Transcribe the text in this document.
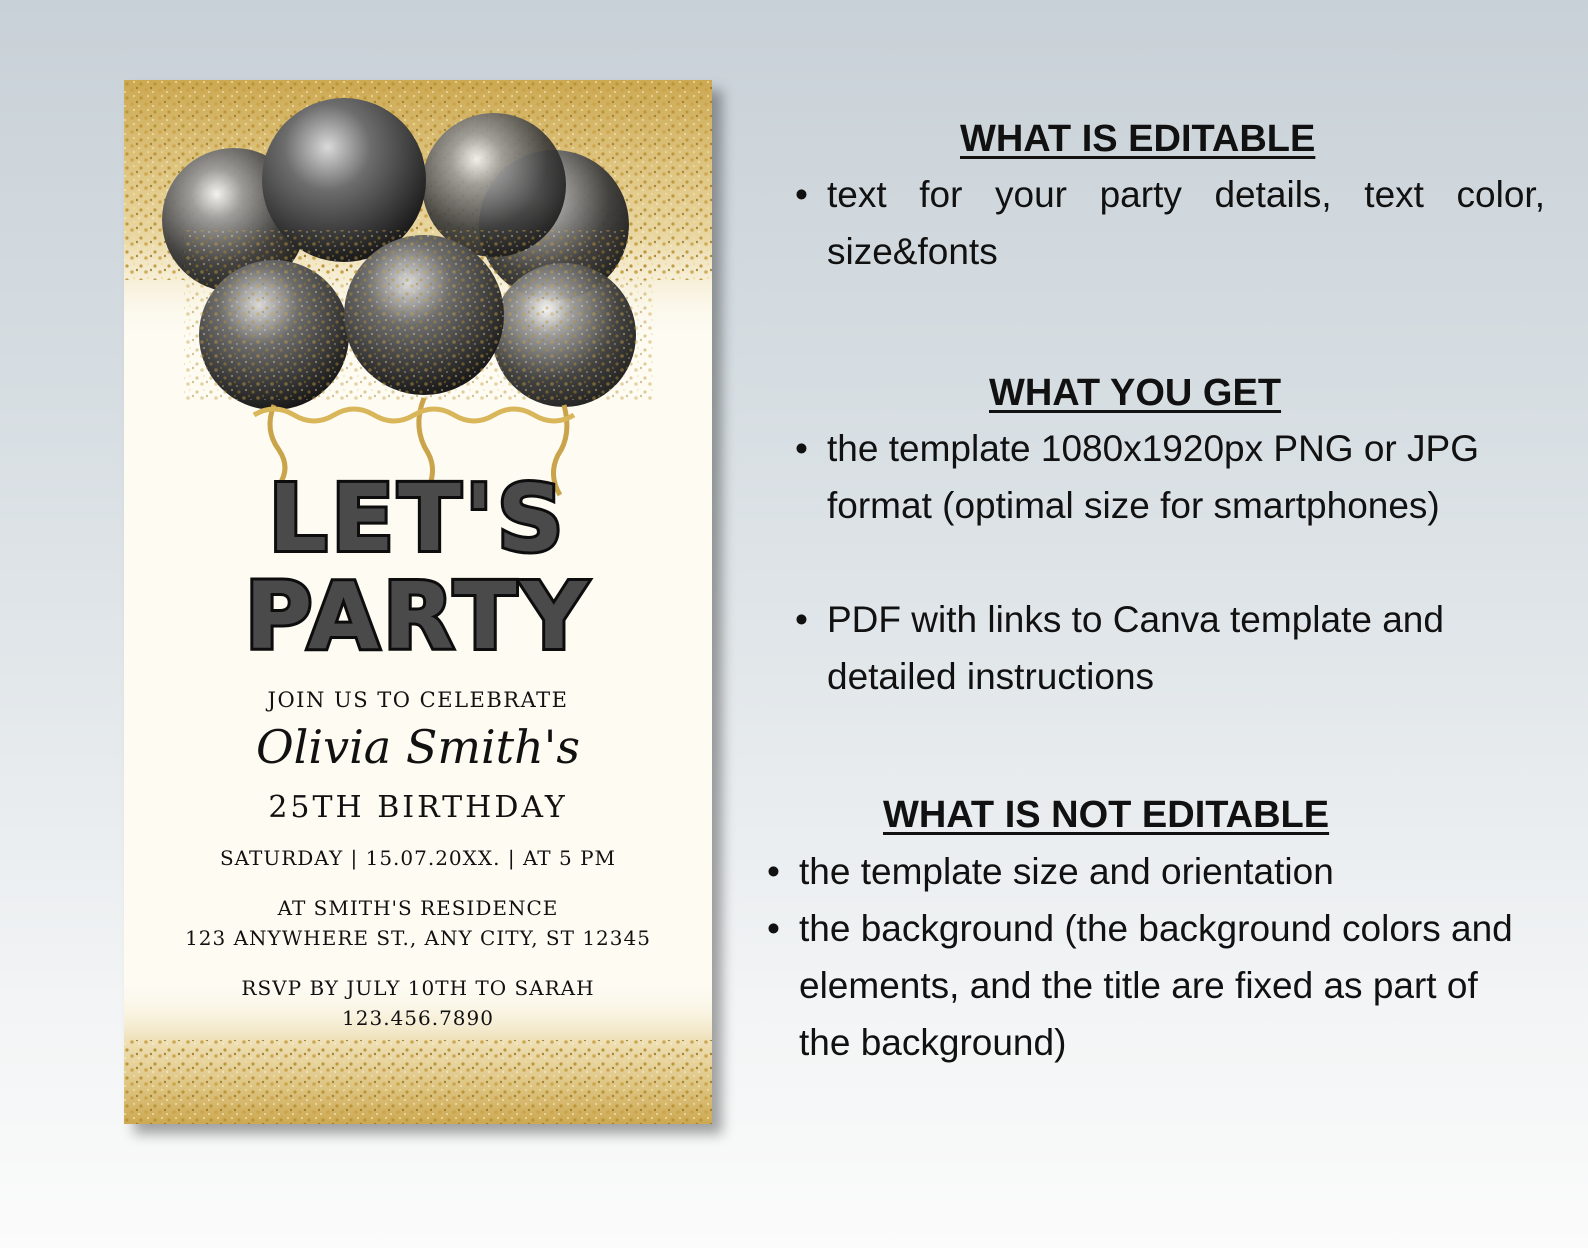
LET'S
PARTY
JOIN US TO CELEBRATE
Olivia Smith's
25TH BIRTHDAY
SATURDAY | 15.07.20XX. | AT 5 PM
AT SMITH'S RESIDENCE
123 ANYWHERE ST., ANY CITY, ST 12345
RSVP BY JULY 10TH TO SARAH
123.456.7890
WHAT IS EDITABLE
• text for your party details, text color, size&fonts
WHAT YOU GET
• the template 1080x1920px PNG or JPG format (optimal size for smartphones)
• PDF with links to Canva template and detailed instructions
WHAT IS NOT EDITABLE
• the template size and orientation
• the background (the background colors and elements, and the title are fixed as part of the background)
